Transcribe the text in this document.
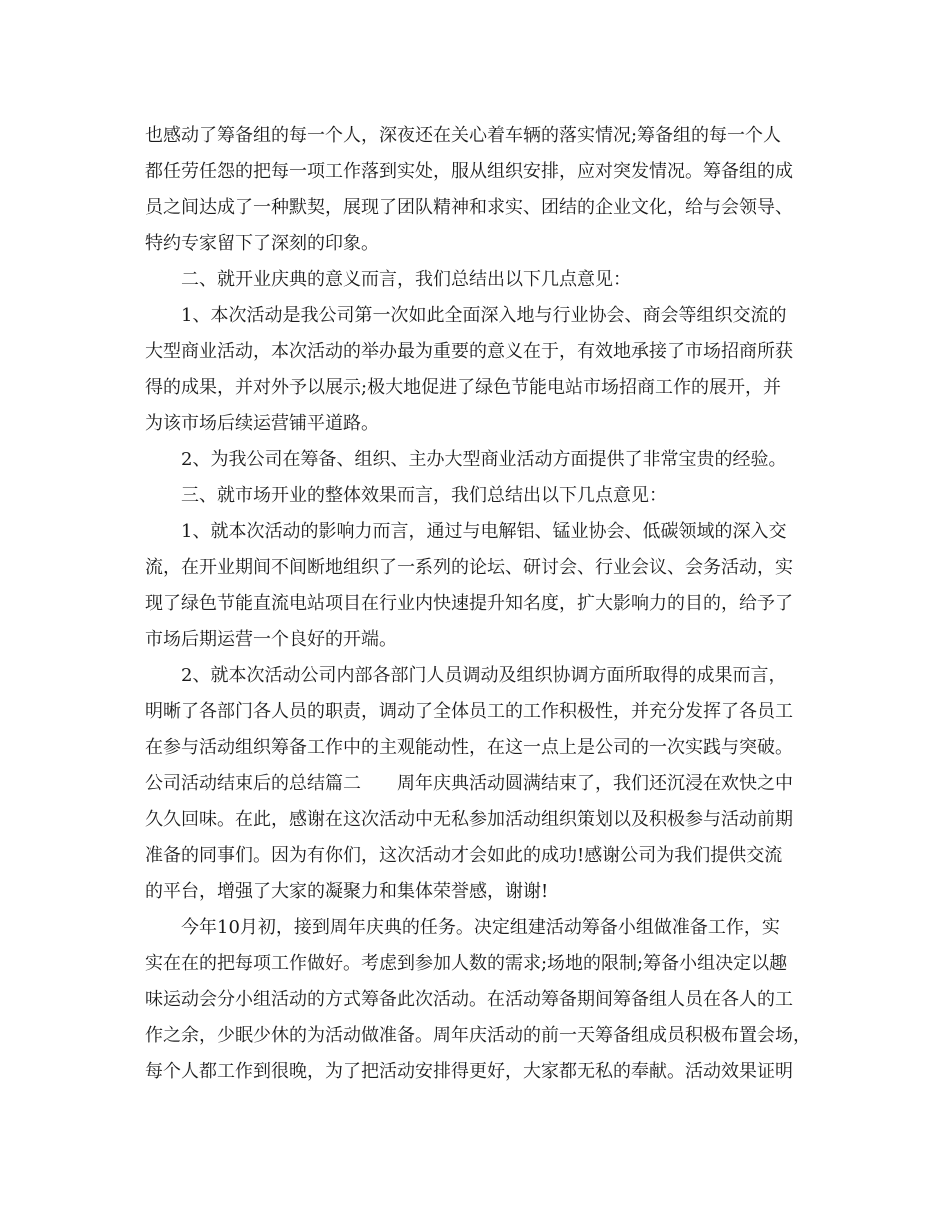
也感动了筹备组的每一个人，深夜还在关心着车辆的落实情况;筹备组的每一个人
都任劳任怨的把每一项工作落到实处，服从组织安排，应对突发情况。筹备组的成
员之间达成了一种默契，展现了团队精神和求实、团结的企业文化，给与会领导、
特约专家留下了深刻的印象。
二、就开业庆典的意义而言，我们总结出以下几点意见：
1、本次活动是我公司第一次如此全面深入地与行业协会、商会等组织交流的
大型商业活动，本次活动的举办最为重要的意义在于，有效地承接了市场招商所获
得的成果，并对外予以展示;极大地促进了绿色节能电站市场招商工作的展开，并
为该市场后续运营铺平道路。
2、为我公司在筹备、组织、主办大型商业活动方面提供了非常宝贵的经验。
三、就市场开业的整体效果而言，我们总结出以下几点意见：
1、就本次活动的影响力而言，通过与电解铝、锰业协会、低碳领域的深入交
流，在开业期间不间断地组织了一系列的论坛、研讨会、行业会议、会务活动，实
现了绿色节能直流电站项目在行业内快速提升知名度，扩大影响力的目的，给予了
市场后期运营一个良好的开端。
2、就本次活动公司内部各部门人员调动及组织协调方面所取得的成果而言，
明晰了各部门各人员的职责，调动了全体员工的工作积极性，并充分发挥了各员工
在参与活动组织筹备工作中的主观能动性，在这一点上是公司的一次实践与突破。
公司活动结束后的总结篇二　　周年庆典活动圆满结束了，我们还沉浸在欢快之中
久久回味。在此，感谢在这次活动中无私参加活动组织策划以及积极参与活动前期
准备的同事们。因为有你们，这次活动才会如此的成功!感谢公司为我们提供交流
的平台，增强了大家的凝聚力和集体荣誉感，谢谢!
今年10月初，接到周年庆典的任务。决定组建活动筹备小组做准备工作，实
实在在的把每项工作做好。考虑到参加人数的需求;场地的限制;筹备小组决定以趣
味运动会分小组活动的方式筹备此次活动。在活动筹备期间筹备组人员在各人的工
作之余，少眠少休的为活动做准备。周年庆活动的前一天筹备组成员积极布置会场，
每个人都工作到很晚，为了把活动安排得更好，大家都无私的奉献。活动效果证明
